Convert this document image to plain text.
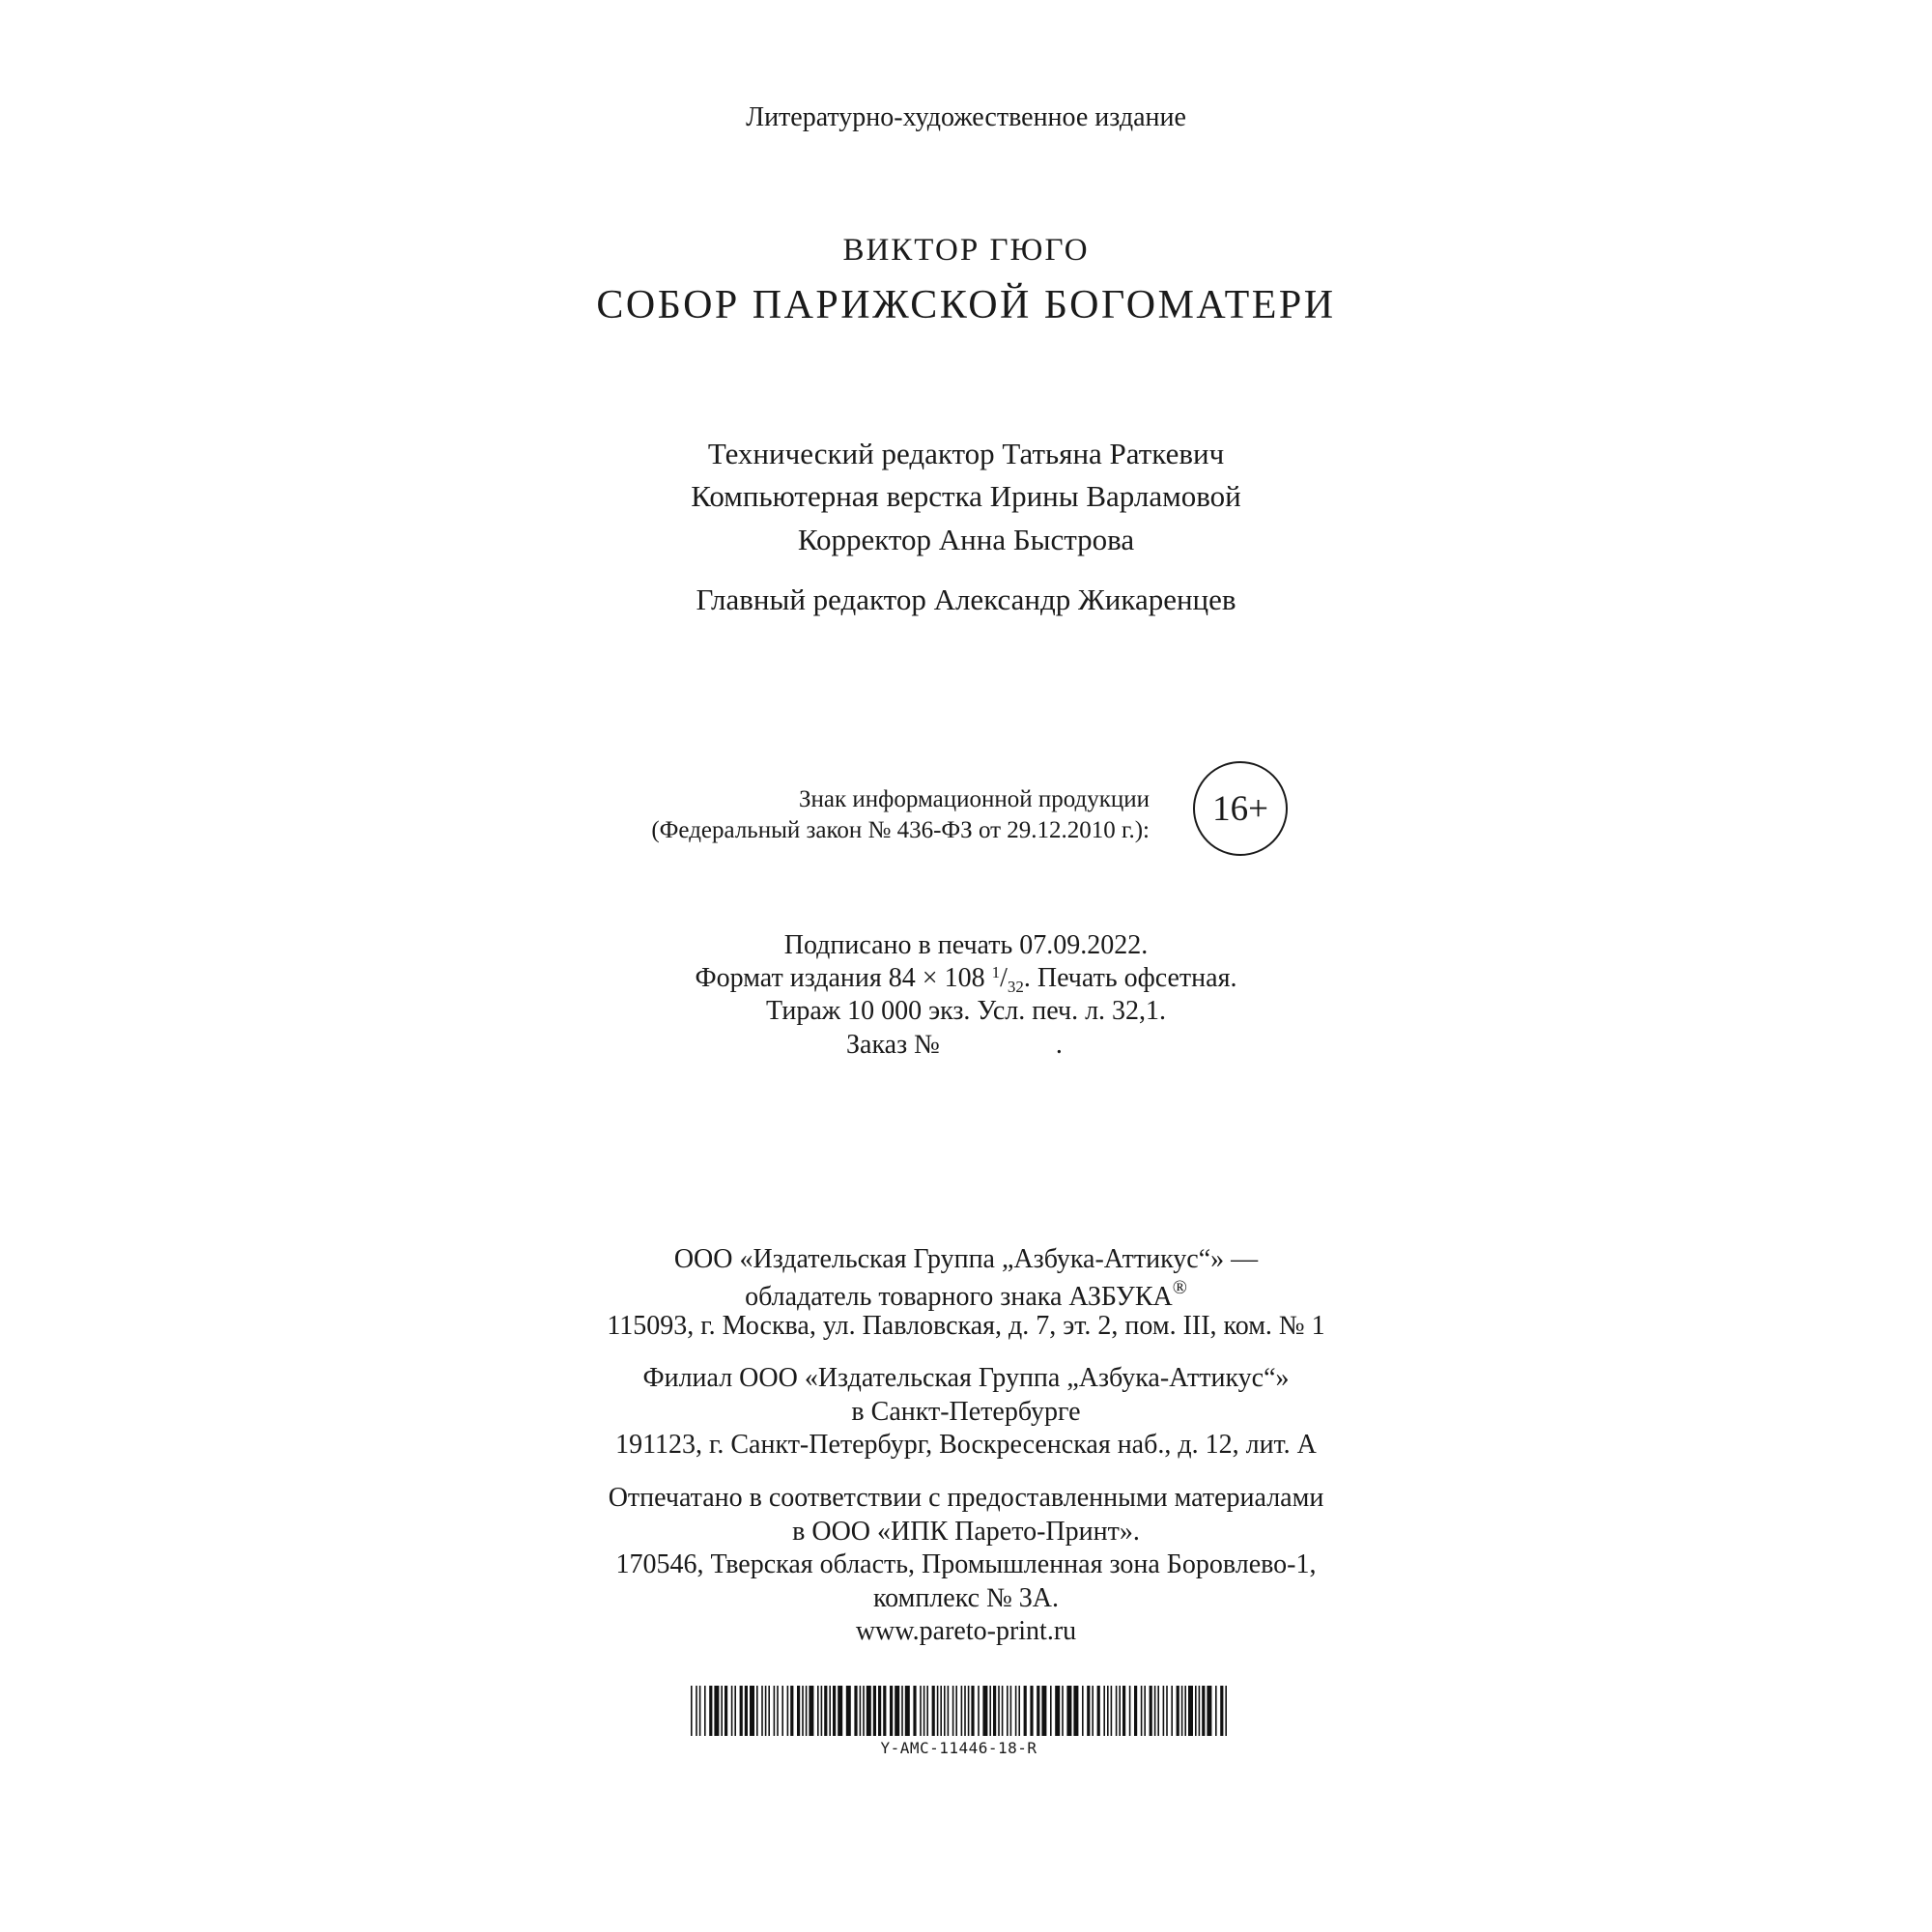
Литературно-художественное издание
ВИКТОР ГЮГО
СОБОР ПАРИЖСКОЙ БОГОМАТЕРИ
Технический редактор Татьяна Раткевич
Компьютерная верстка Ирины Варламовой
Корректор Анна Быстрова
Главный редактор Александр Жикаренцев
Знак информационной продукции
(Федеральный закон № 436-ФЗ от 29.12.2010 г.):
16+
Подписано в печать 07.09.2022.
Формат издания 84 × 108 $^1/_{32}$. Печать офсетная.
Тираж 10 000 экз. Усл. печ. л. 32,1.
Заказ №	.
ООО «Издательская Группа „Азбука-Аттикус“» —
обладатель товарного знака АЗБУКА®
115093, г. Москва, ул. Павловская, д. 7, эт. 2, пом. III, ком. № 1
Филиал ООО «Издательская Группа „Азбука-Аттикус“»
в Санкт-Петербурге
191123, г. Санкт-Петербург, Воскресенская наб., д. 12, лит. А
Отпечатано в соответствии с предоставленными материалами
в ООО «ИПК Парето-Принт».
170546, Тверская область, Промышленная зона Боровлево-1,
комплекс № 3А.
www.pareto-print.ru
Y-AMC-11446-18-R
